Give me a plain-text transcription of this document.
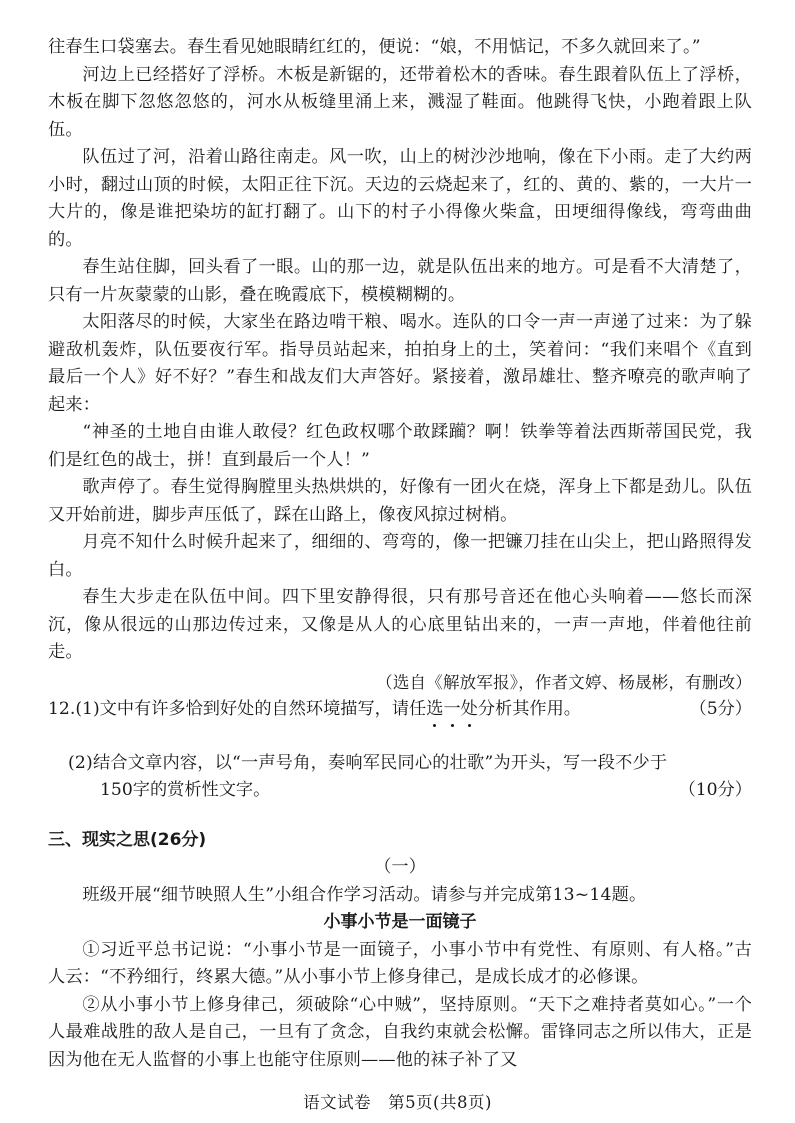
往春生口袋塞去。春生看见她眼睛红红的，便说：“娘，不用惦记，不多久就回来了。”

河边上已经搭好了浮桥。木板是新锯的，还带着松木的香味。春生跟着队伍上了浮桥，木板在脚下忽悠忽悠的，河水从板缝里涌上来，溅湿了鞋面。他跳得飞快，小跑着跟上队伍。

队伍过了河，沿着山路往南走。风一吹，山上的树沙沙地响，像在下小雨。走了大约两小时，翻过山顶的时候，太阳正往下沉。天边的云烧起来了，红的、黄的、紫的，一大片一大片的，像是谁把染坊的缸打翻了。山下的村子小得像火柴盒，田埂细得像线，弯弯曲曲的。

春生站住脚，回头看了一眼。山的那一边，就是队伍出来的地方。可是看不大清楚了，只有一片灰蒙蒙的山影，叠在晚霞底下，模模糊糊的。

太阳落尽的时候，大家坐在路边啃干粮、喝水。连队的口令一声一声递了过来：为了躲避敌机轰炸，队伍要夜行军。指导员站起来，拍拍身上的土，笑着问：“我们来唱个《直到最后一个人》好不好？”春生和战友们大声答好。紧接着，激昂雄壮、整齐嘹亮的歌声响了起来：

“神圣的土地自由谁人敢侵？红色政权哪个敢蹂躏？啊！铁拳等着法西斯蒂国民党，我们是红色的战士，拼！直到最后一个人！”

歌声停了。春生觉得胸膛里头热烘烘的，好像有一团火在烧，浑身上下都是劲儿。队伍又开始前进，脚步声压低了，踩在山路上，像夜风掠过树梢。

月亮不知什么时候升起来了，细细的、弯弯的，像一把镰刀挂在山尖上，把山路照得发白。

春生大步走在队伍中间。四下里安静得很，只有那号音还在他心头响着——悠长而深沉，像从很远的山那边传过来，又像是从人的心底里钻出来的，一声一声地，伴着他往前走。

（选自《解放军报》，作者文婷、杨晟彬，有删改）

12.(1)文中有许多恰到好处的自然环境描写，请任选一处分析其作用。	（5分）

(2)结合文章内容，以“一声号角，奏响军民同心的壮歌”为开头，写一段不少于

150字的赏析性文字。	（10分）
三、现实之思(26分)
（一）

班级开展“细节映照人生”小组合作学习活动。请参与并完成第13~14题。

小事小节是一面镜子

①习近平总书记说：“小事小节是一面镜子，小事小节中有党性、有原则、有人格。”古人云：“不矜细行，终累大德。”从小事小节上修身律己，是成长成才的必修课。

②从小事小节上修身律己，须破除“心中贼”，坚持原则。“天下之难持者莫如心。”一个人最难战胜的敌人是自己，一旦有了贪念，自我约束就会松懈。雷锋同志之所以伟大，正是因为他在无人监督的小事上也能守住原则——他的袜子补了又

语文试卷　第5页(共8页)
